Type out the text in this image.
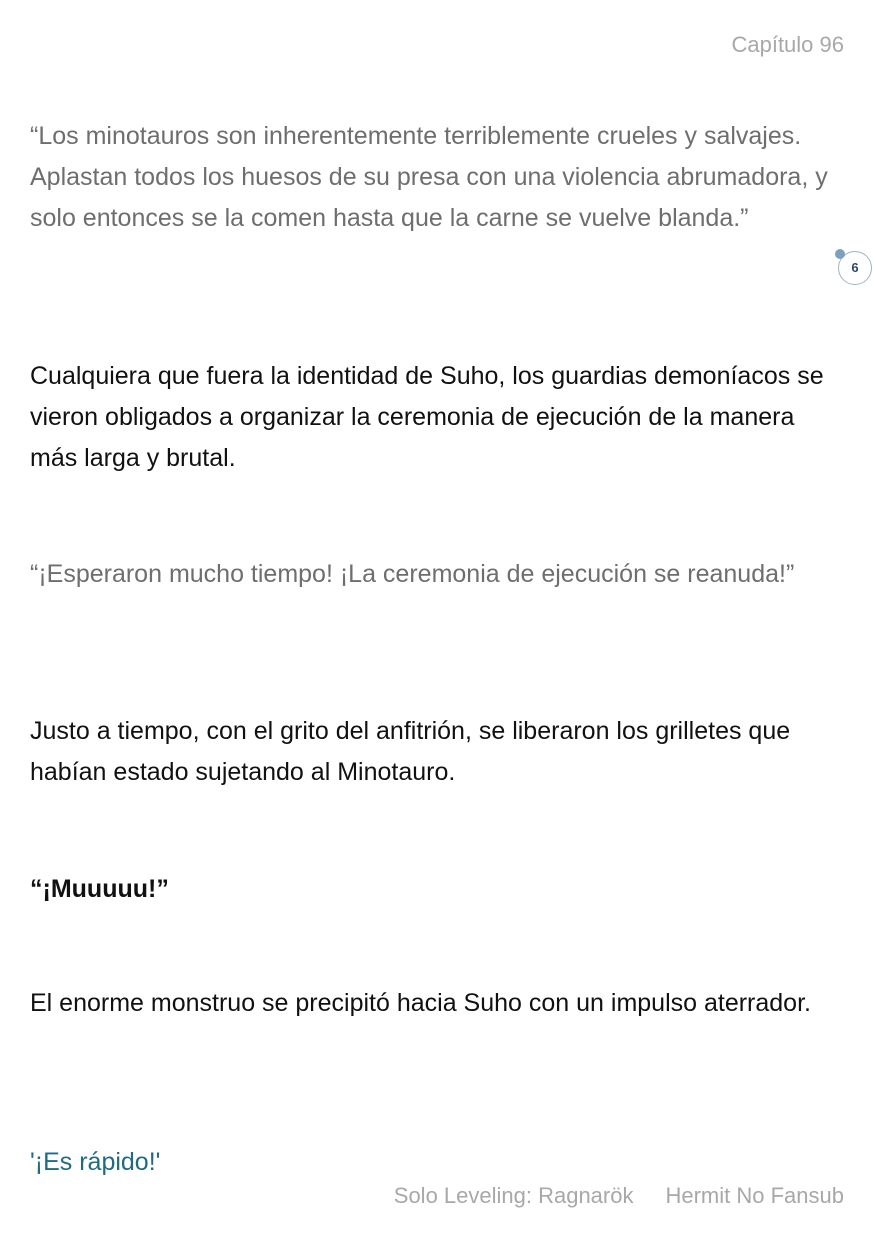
Capítulo 96

“Los minotauros son inherentemente terriblemente crueles y salvajes. Aplastan todos los huesos de su presa con una violencia abrumadora, y solo entonces se la comen hasta que la carne se vuelve blanda.”

6

Cualquiera que fuera la identidad de Suho, los guardias demoníacos se vieron obligados a organizar la ceremonia de ejecución de la manera más larga y brutal.

“¡Esperaron mucho tiempo! ¡La ceremonia de ejecución se reanuda!”

Justo a tiempo, con el grito del anfitrión, se liberaron los grilletes que habían estado sujetando al Minotauro.

“¡Muuuuu!”

El enorme monstruo se precipitó hacia Suho con un impulso aterrador.

'¡Es rápido!'

Solo Leveling: Ragnarök Hermit No Fansub
